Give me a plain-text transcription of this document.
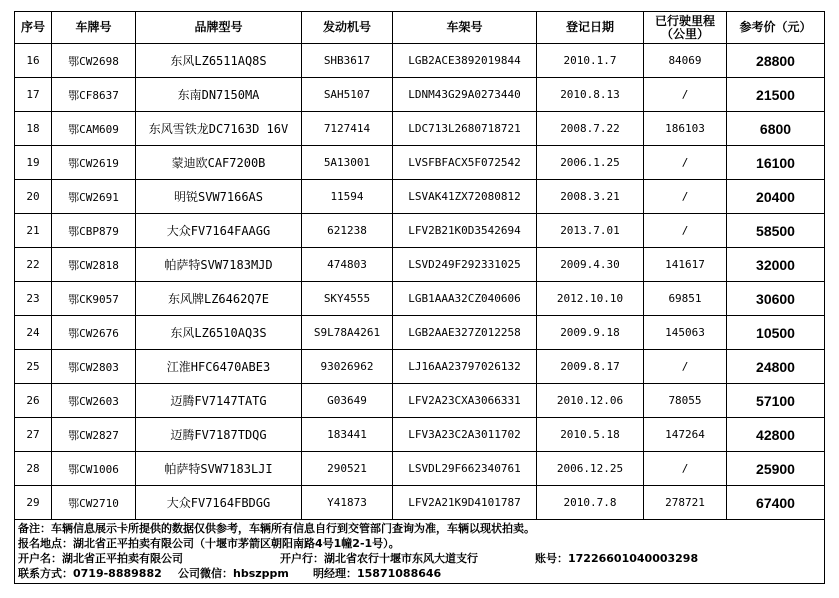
序号	车牌号	品牌型号	发动机号	车架号	登记日期	已行驶里程（公里）	参考价（元）
16	鄂CW2698	东风LZ6511AQ8S	SHB3617	LGB2ACE3892019844	2010.1.7	84069	28800
17	鄂CF8637	东南DN7150MA	SAH5107	LDNM43G29A0273440	2010.8.13	/	21500
18	鄂CAM609	东风雪铁龙DC7163D 16V	7127414	LDC713L2680718721	2008.7.22	186103	6800
19	鄂CW2619	蒙迪欧CAF7200B	5A13001	LVSFBFACX5F072542	2006.1.25	/	16100
20	鄂CW2691	明锐SVW7166AS	11594	LSVAK41ZX72080812	2008.3.21	/	20400
21	鄂CBP879	大众FV7164FAAGG	621238	LFV2B21K0D3542694	2013.7.01	/	58500
22	鄂CW2818	帕萨特SVW7183MJD	474803	LSVD249F292331025	2009.4.30	141617	32000
23	鄂CK9057	东风牌LZ6462Q7E	SKY4555	LGB1AAA32CZ040606	2012.10.10	69851	30600
24	鄂CW2676	东风LZ6510AQ3S	S9L78A4261	LGB2AAE327Z012258	2009.9.18	145063	10500
25	鄂CW2803	江淮HFC6470ABE3	93026962	LJ16AA23797026132	2009.8.17	/	24800
26	鄂CW2603	迈腾FV7147TATG	G03649	LFV2A23CXA3066331	2010.12.06	78055	57100
27	鄂CW2827	迈腾FV7187TDQG	183441	LFV3A23C2A3011702	2010.5.18	147264	42800
28	鄂CW1006	帕萨特SVW7183LJI	290521	LSVDL29F662340761	2006.12.25	/	25900
29	鄂CW2710	大众FV7164FBDGG	Y41873	LFV2A21K9D4101787	2010.7.8	278721	67400

备注：车辆信息展示卡所提供的数据仅供参考，车辆所有信息自行到交管部门查询为准，车辆以现状拍卖。
报名地点：湖北省正平拍卖有限公司（十堰市茅箭区朝阳南路4号1幢2-1号）。
开户名：湖北省正平拍卖有限公司 开户行：湖北省农行十堰市东风大道支行 账号：17226601040003298
联系方式：0719-8889882 公司微信：hbszppm 明经理：15871088646							
